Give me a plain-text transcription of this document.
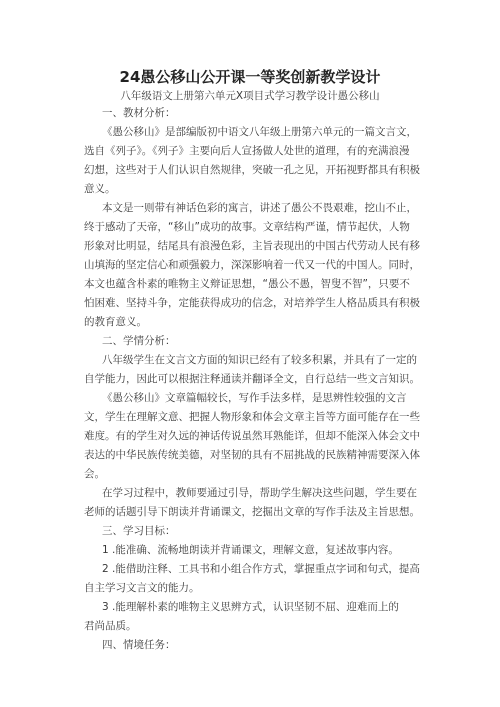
24愚公移山公开课一等奖创新教学设计
八年级语文上册第六单元X项目式学习教学设计愚公移山
一、教材分析：
《愚公移山》是部编版初中语文八年级上册第六单元的一篇文言文，
选自《列子》。《列子》主要向后人宣扬做人处世的道理，有的充满浪漫
幻想，这些对于人们认识自然规律，突破一孔之见，开拓视野都具有积极
意义。
本文是一则带有神话色彩的寓言，讲述了愚公不畏艰难，挖山不止，
终于感动了天帝，“移山”成功的故事。文章结构严谨，情节起伏，人物
形象对比明显，结尾具有浪漫色彩，主旨表现出的中国古代劳动人民有移
山填海的坚定信心和顽强毅力，深深影响着一代又一代的中国人。同时，
本文也蕴含朴素的唯物主义辩证思想，“愚公不愚，智叟不智”，只要不
怕困难、坚持斗争，定能获得成功的信念，对培养学生人格品质具有积极
的教育意义。
二、学情分析：
八年级学生在文言文方面的知识已经有了较多积累，并具有了一定的
自学能力，因此可以根据注释通读并翻译全文，自行总结一些文言知识。
《愚公移山》文章篇幅较长，写作手法多样，是思辨性较强的文言
文，学生在理解文意、把握人物形象和体会文章主旨等方面可能存在一些
难度。有的学生对久远的神话传说虽然耳熟能详，但却不能深入体会文中
表达的中华民族传统美德，对坚韧的具有不屈挑战的民族精神需要深入体
会。
在学习过程中，教师要通过引导，帮助学生解决这些问题，学生要在
老师的话题引导下朗读并背诵课文，挖掘出文章的写作手法及主旨思想。
三、学习目标：
1 .能准确、流畅地朗读并背诵课文，理解文意，复述故事内容。
2 .能借助注释、工具书和小组合作方式，掌握重点字词和句式，提高
自主学习文言文的能力。
3 .能理解朴素的唯物主义思辨方式，认识坚韧不屈、迎难而上的
君尚品质。
四、情境任务：
